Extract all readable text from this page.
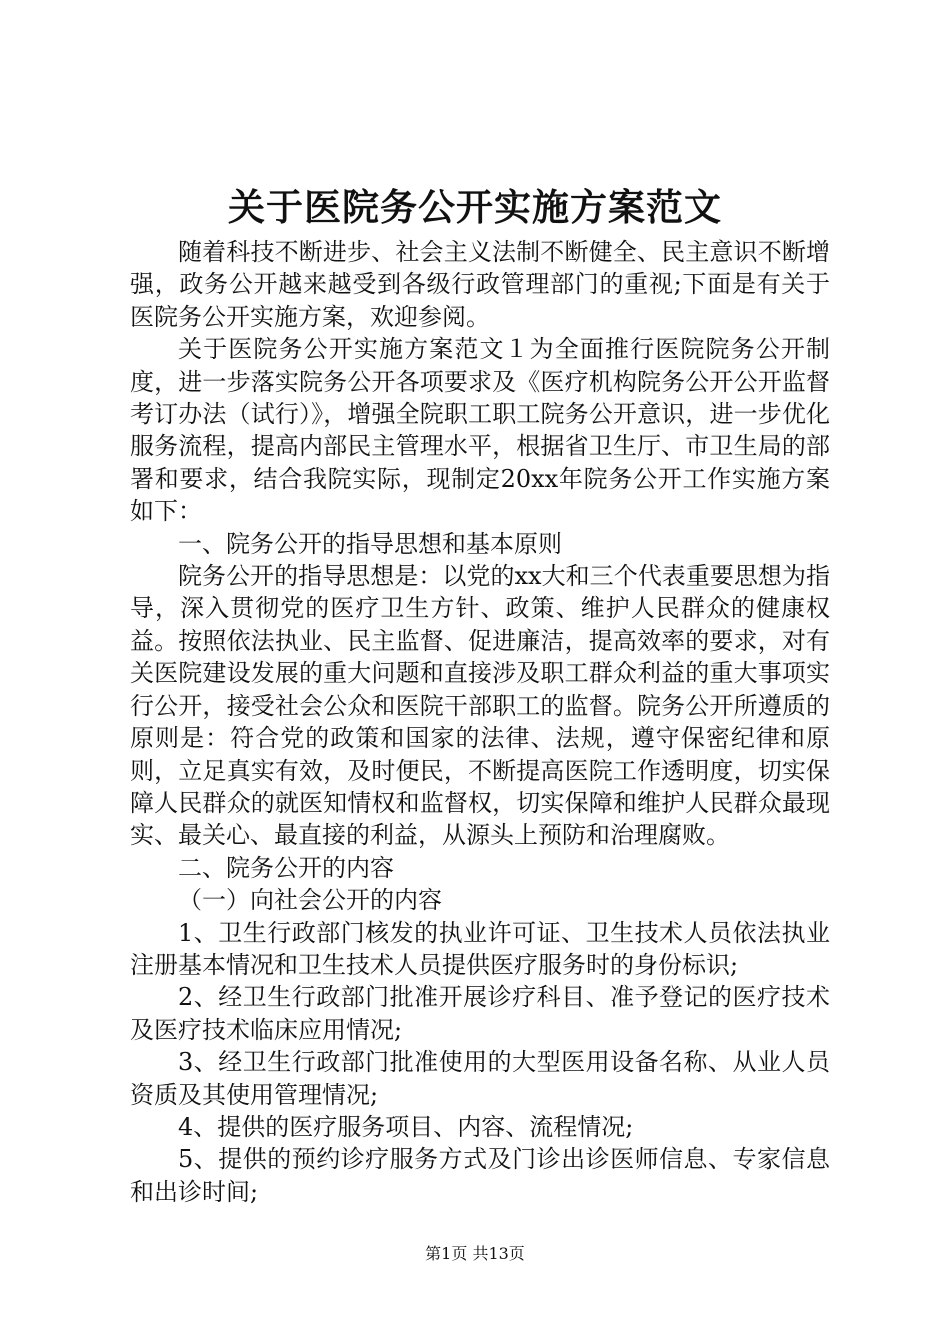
关于医院务公开实施方案范文

随着科技不断进步、社会主义法制不断健全、民主意识不断增强，政务公开越来越受到各级行政管理部门的重视;下面是有关于医院务公开实施方案，欢迎参阅。

关于医院务公开实施方案范文１为全面推行医院院务公开制度，进一步落实院务公开各项要求及《医疗机构院务公开公开监督考订办法（试行）》，增强全院职工职工院务公开意识，进一步优化服务流程，提高内部民主管理水平，根据省卫生厅、市卫生局的部署和要求，结合我院实际，现制定20xx年院务公开工作实施方案如下：

一、院务公开的指导思想和基本原则

院务公开的指导思想是：以党的xx大和三个代表重要思想为指导，深入贯彻党的医疗卫生方针、政策、维护人民群众的健康权益。按照依法执业、民主监督、促进廉洁，提高效率的要求，对有关医院建设发展的重大问题和直接涉及职工群众利益的重大事项实行公开，接受社会公众和医院干部职工的监督。院务公开所遵质的原则是：符合党的政策和国家的法律、法规，遵守保密纪律和原则，立足真实有效，及时便民，不断提高医院工作透明度，切实保障人民群众的就医知情权和监督权，切实保障和维护人民群众最现实、最关心、最直接的利益，从源头上预防和治理腐败。

二、院务公开的内容

（一）向社会公开的内容

1、卫生行政部门核发的执业许可证、卫生技术人员依法执业注册基本情况和卫生技术人员提供医疗服务时的身份标识;

2、经卫生行政部门批准开展诊疗科目、准予登记的医疗技术及医疗技术临床应用情况;

3、经卫生行政部门批准使用的大型医用设备名称、从业人员资质及其使用管理情况;

4、提供的医疗服务项目、内容、流程情况;

5、提供的预约诊疗服务方式及门诊出诊医师信息、专家信息和出诊时间;

第1页 共13页
